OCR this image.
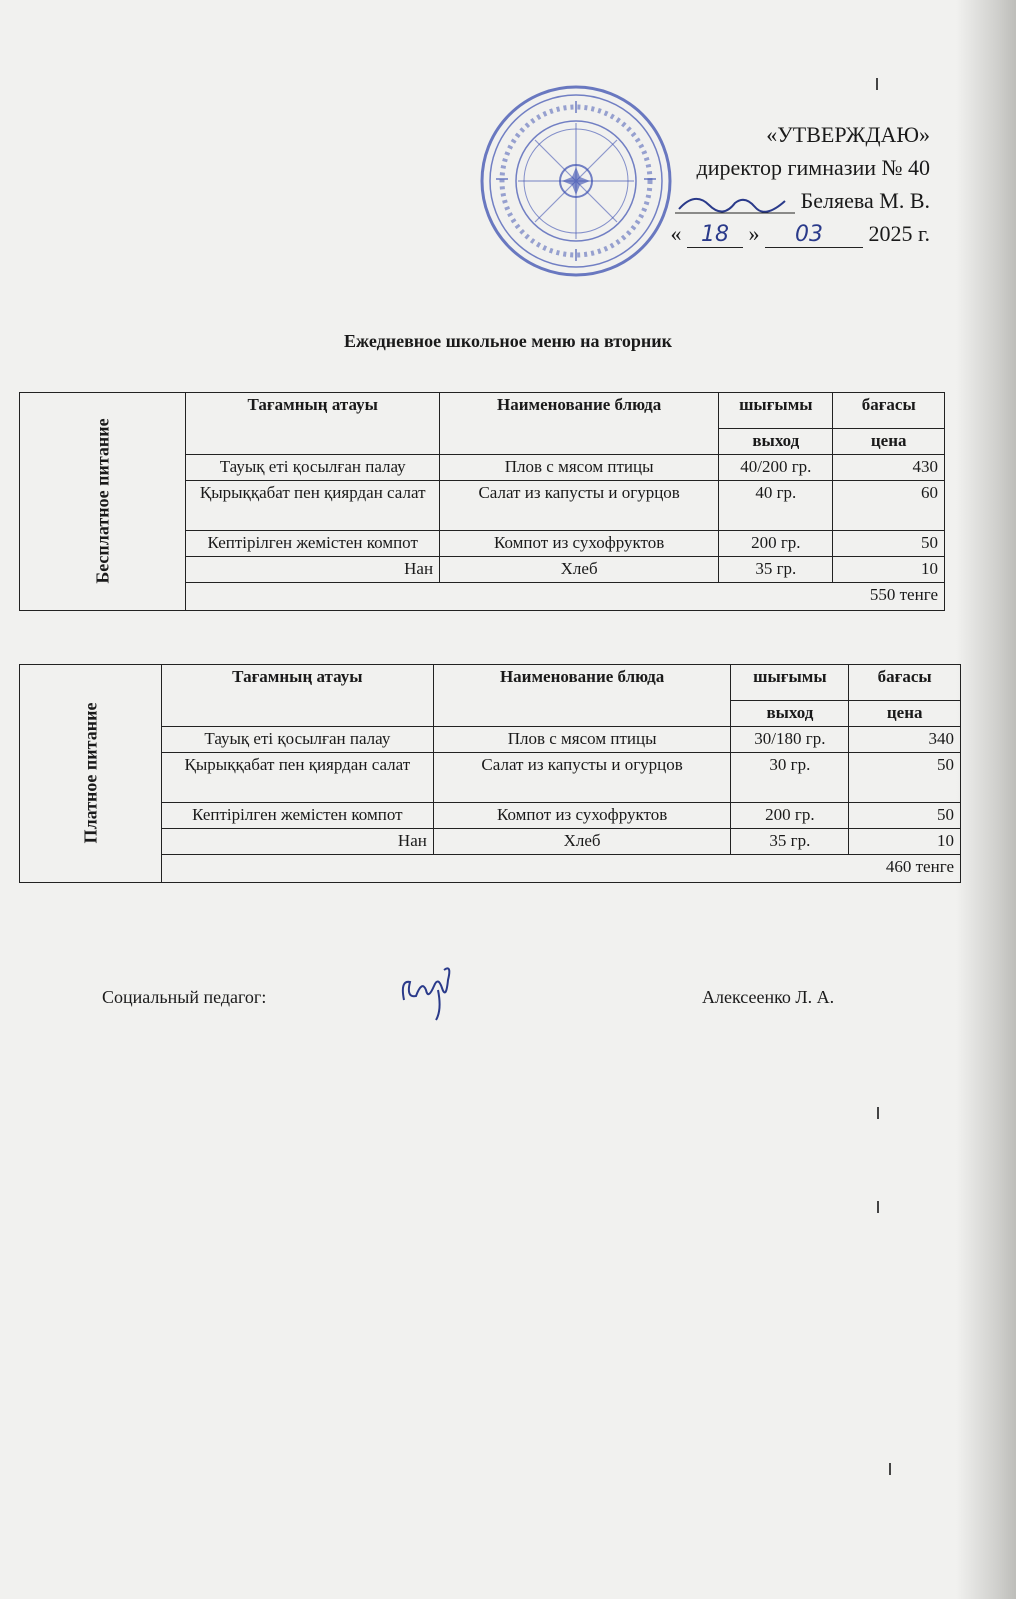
«УТВЕРЖДАЮ»
директор гимназии № 40
Беляева М. В.
« 18 » 03 2025 г.
Ежедневное школьное меню на вторник
Бесплатное питание	Тағамның атауы	Наименование блюда	шығымы	бағасы
			выход	цена
	Тауық еті қосылған палау	Плов с мясом птицы	40/200 гр.	430
	Қырыққабат пен қиярдан салат	Салат из капусты и огурцов	40 гр.	60
	Кептірілген жемістен компот	Компот из сухофруктов	200 гр.	50
	Нан	Хлеб	35 гр.	10
	550 тенге			
Платное питание	Тағамның атауы	Наименование блюда	шығымы	бағасы
			выход	цена
	Тауық еті қосылған палау	Плов с мясом птицы	30/180 гр.	340
	Қырыққабат пен қиярдан салат	Салат из капусты и огурцов	30 гр.	50
	Кептірілген жемістен компот	Компот из сухофруктов	200 гр.	50
	Нан	Хлеб	35 гр.	10
	460 тенге			
Социальный педагог:	Алексеенко Л. А.
